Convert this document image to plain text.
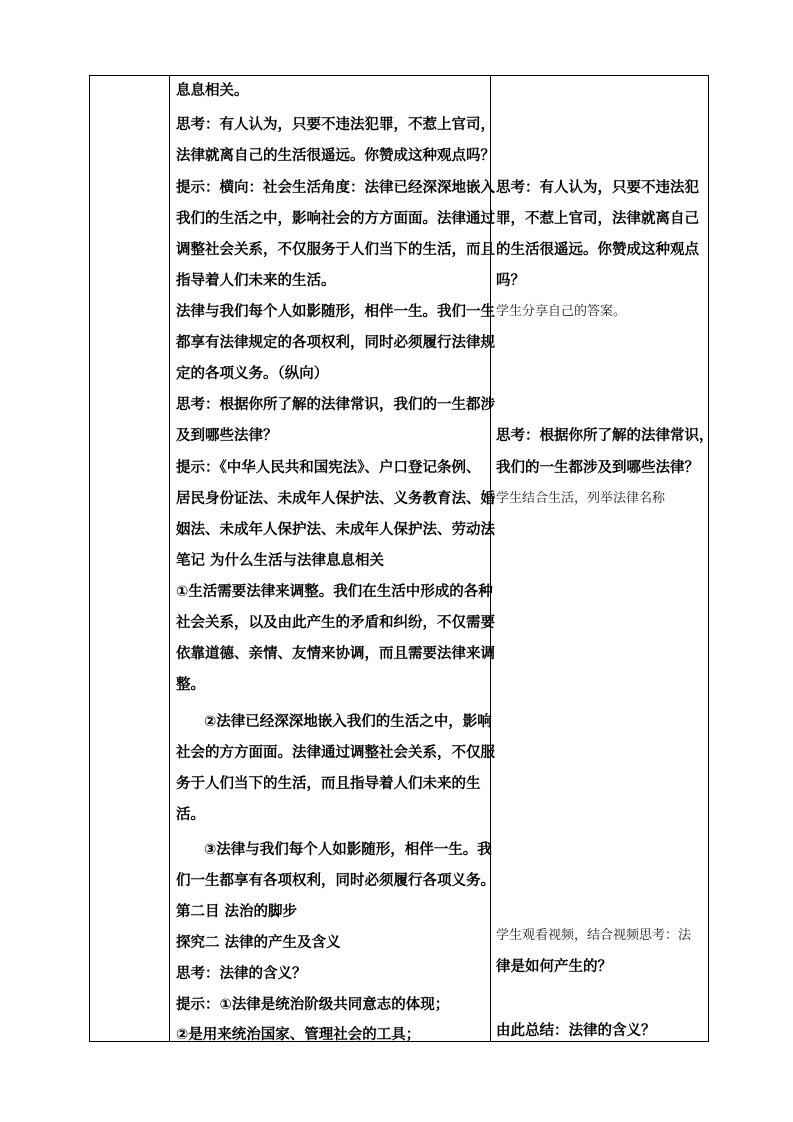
息息相关。
思考：有人认为，只要不违法犯罪，不惹上官司，
法律就离自己的生活很遥远。你赞成这种观点吗？
提示：横向：社会生活角度：法律已经深深地嵌入
我们的生活之中，影响社会的方方面面。法律通过
调整社会关系，不仅服务于人们当下的生活，而且
指导着人们未来的生活。
法律与我们每个人如影随形，相伴一生。我们一生
都享有法律规定的各项权利，同时必须履行法律规
定的各项义务。（纵向）
思考：根据你所了解的法律常识，我们的一生都涉
及到哪些法律？
提示：《中华人民共和国宪法》、户口登记条例、
居民身份证法、未成年人保护法、义务教育法、婚
姻法、未成年人保护法、未成年人保护法、劳动法
笔记 为什么生活与法律息息相关
①生活需要法律来调整。我们在生活中形成的各种
社会关系，以及由此产生的矛盾和纠纷，不仅需要
依靠道德、亲情、友情来协调，而且需要法律来调
整。
②法律已经深深地嵌入我们的生活之中，影响
社会的方方面面。法律通过调整社会关系，不仅服
务于人们当下的生活，而且指导着人们未来的生
活。
③法律与我们每个人如影随形，相伴一生。我
们一生都享有各项权利，同时必须履行各项义务。
第二目 法治的脚步
探究二 法律的产生及含义
思考：法律的含义？
提示：①法律是统治阶级共同意志的体现；
②是用来统治国家、管理社会的工具；
思考：有人认为，只要不违法犯
罪，不惹上官司，法律就离自己
的生活很遥远。你赞成这种观点
吗？
学生分享自己的答案。
思考：根据你所了解的法律常识，
我们的一生都涉及到哪些法律？
学生结合生活，列举法律名称
学生观看视频，结合视频思考：法
律是如何产生的？
由此总结：法律的含义？
